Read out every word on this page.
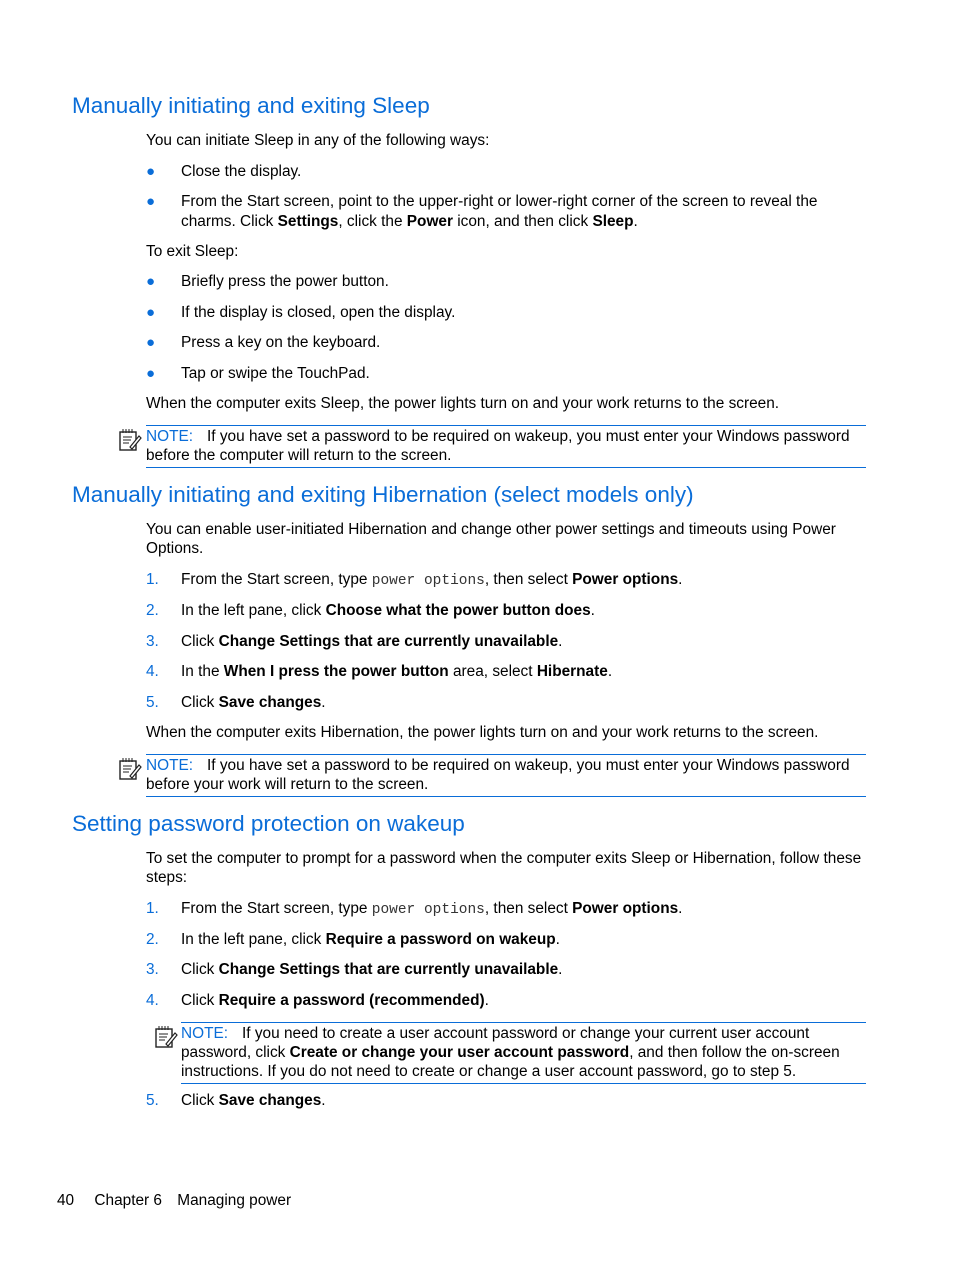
Manually initiating and exiting Sleep
You can initiate Sleep in any of the following ways:
● Close the display.
● From the Start screen, point to the upper-right or lower-right corner of the screen to reveal the charms. Click Settings, click the Power icon, and then click Sleep.
To exit Sleep:
● Briefly press the power button.
● If the display is closed, open the display.
● Press a key on the keyboard.
● Tap or swipe the TouchPad.
When the computer exits Sleep, the power lights turn on and your work returns to the screen.
NOTE: If you have set a password to be required on wakeup, you must enter your Windows password before the computer will return to the screen.
Manually initiating and exiting Hibernation (select models only)
You can enable user-initiated Hibernation and change other power settings and timeouts using Power Options.
1. From the Start screen, type power options, then select Power options.
2. In the left pane, click Choose what the power button does.
3. Click Change Settings that are currently unavailable.
4. In the When I press the power button area, select Hibernate.
5. Click Save changes.
When the computer exits Hibernation, the power lights turn on and your work returns to the screen.
NOTE: If you have set a password to be required on wakeup, you must enter your Windows password before your work will return to the screen.
Setting password protection on wakeup
To set the computer to prompt for a password when the computer exits Sleep or Hibernation, follow these steps:
1. From the Start screen, type power options, then select Power options.
2. In the left pane, click Require a password on wakeup.
3. Click Change Settings that are currently unavailable.
4. Click Require a password (recommended).
NOTE: If you need to create a user account password or change your current user account password, click Create or change your user account password, and then follow the on-screen instructions. If you do not need to create or change a user account password, go to step 5.
5. Click Save changes.
40 Chapter 6 Managing power
